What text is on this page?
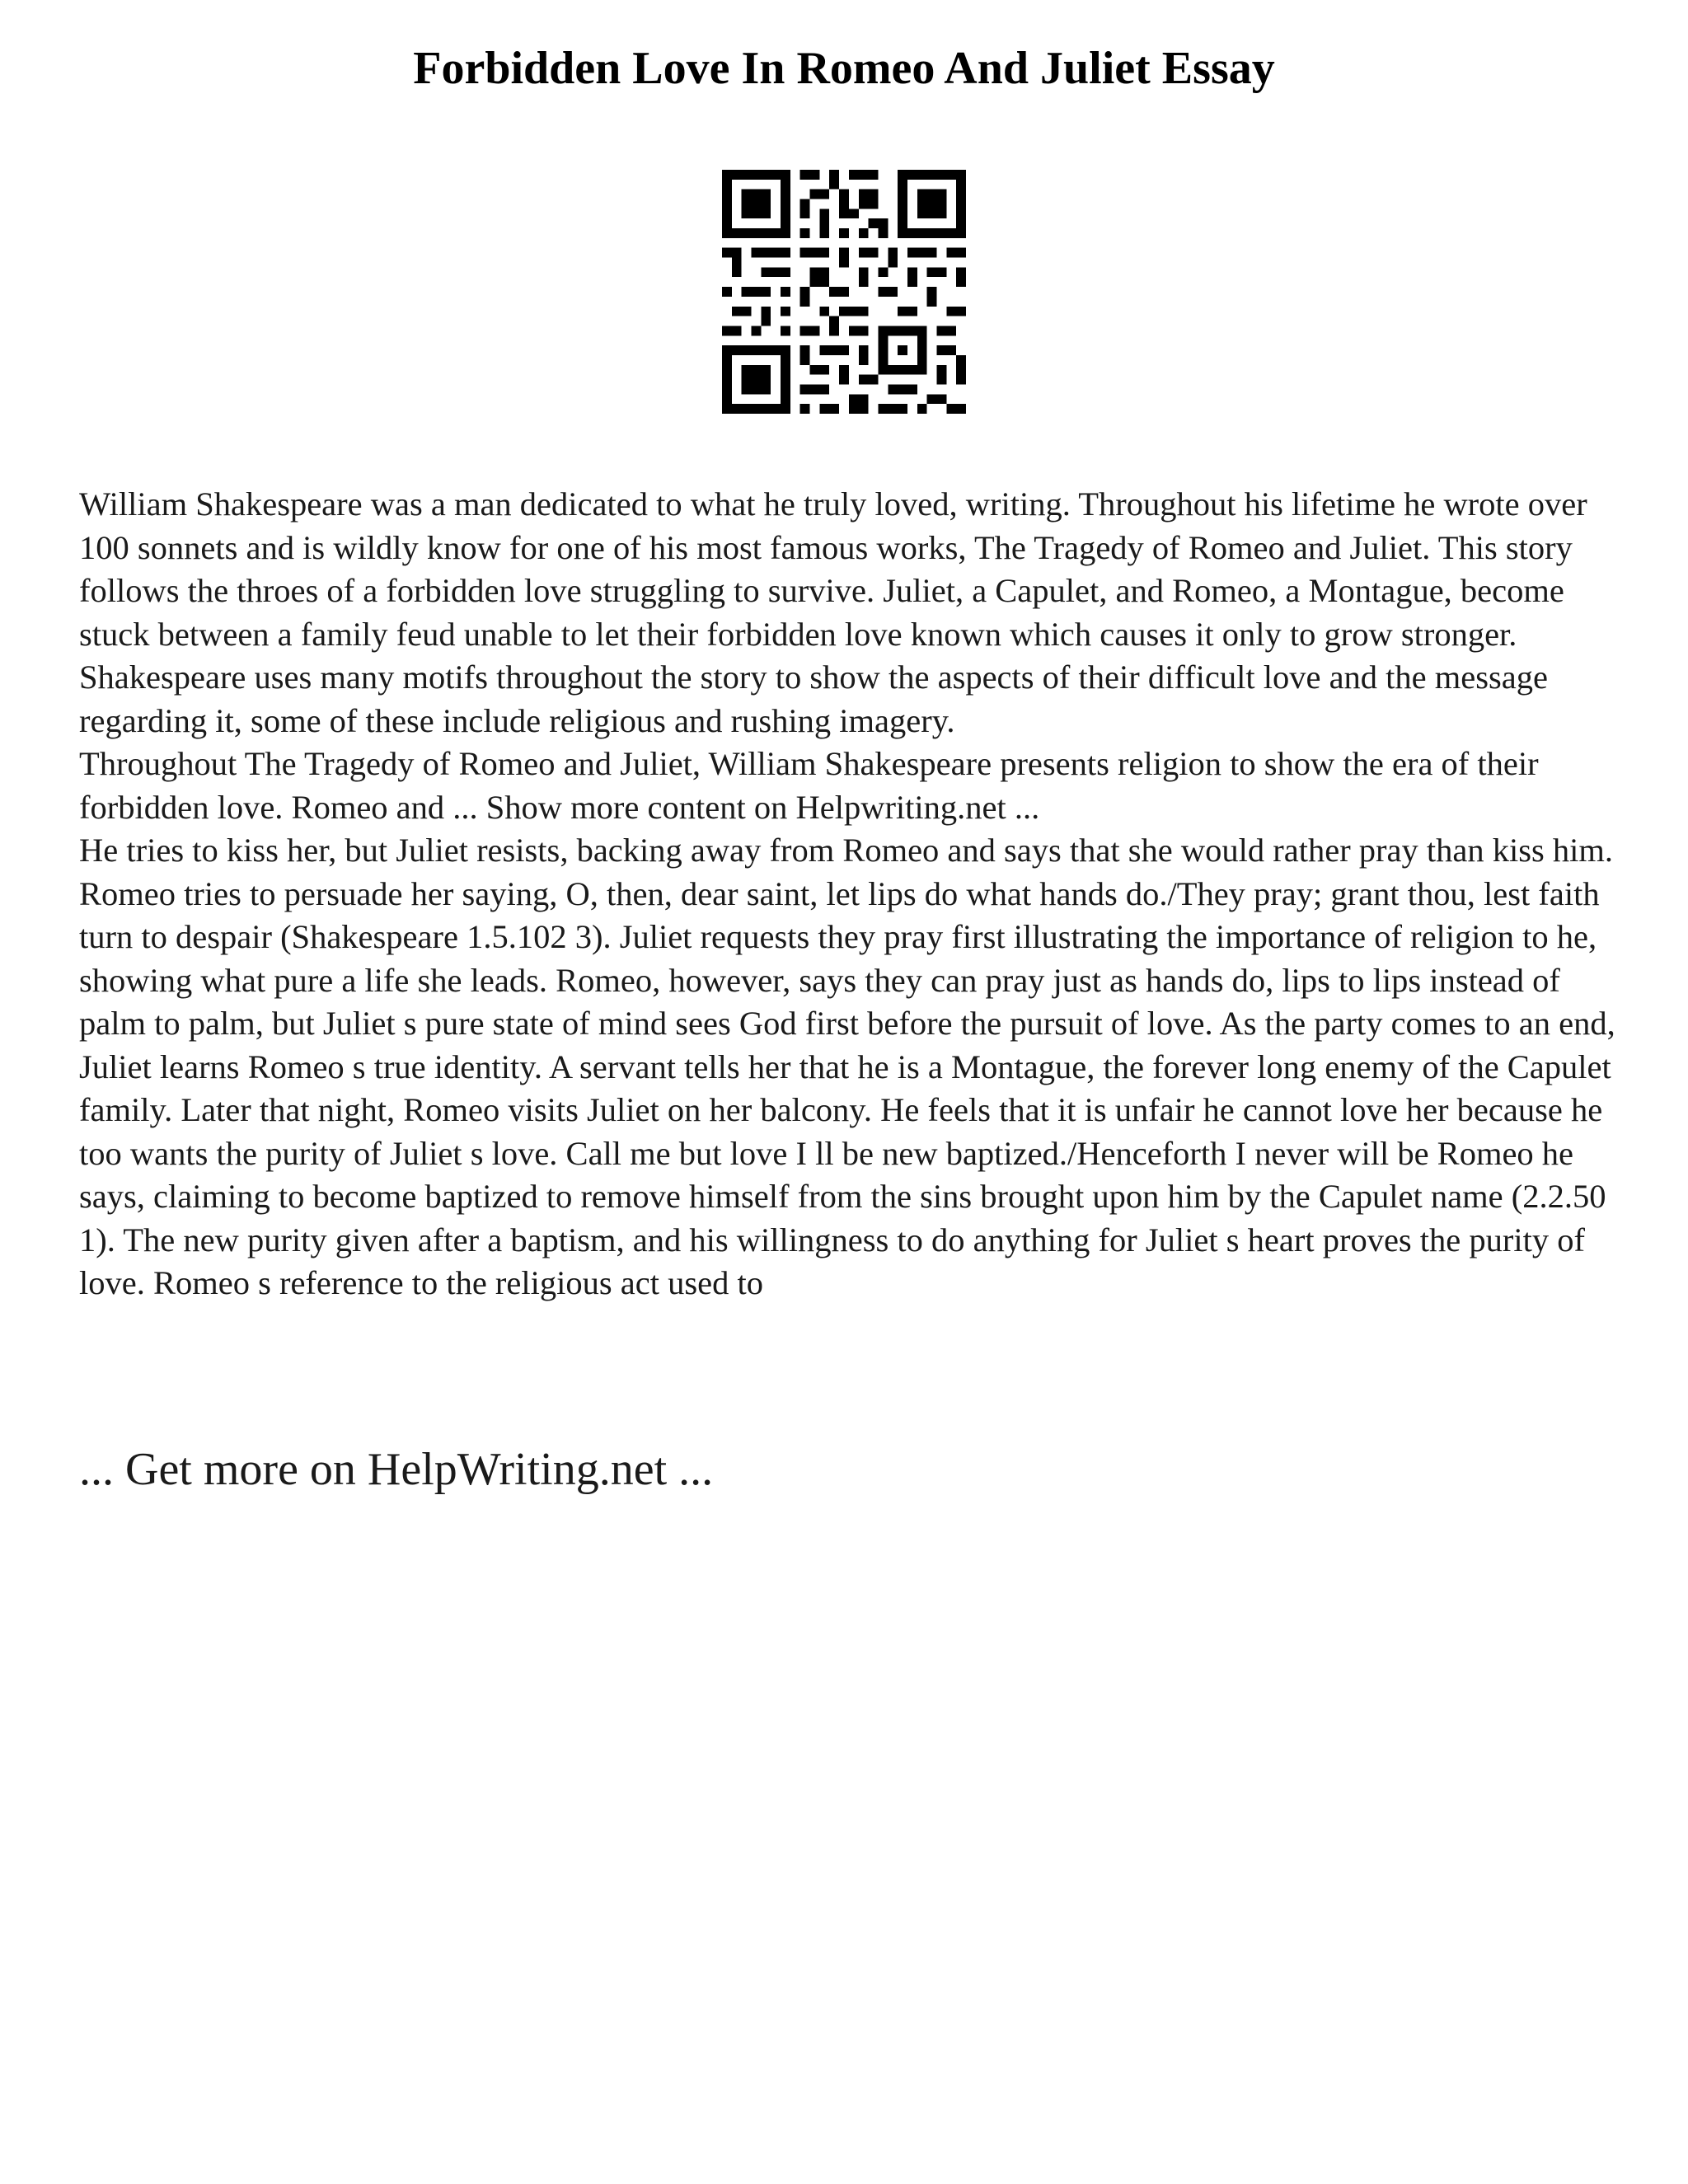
Forbidden Love In Romeo And Juliet Essay

William Shakespeare was a man dedicated to what he truly loved, writing. Throughout his lifetime he wrote over 100 sonnets and is wildly know for one of his most famous works, The Tragedy of Romeo and Juliet. This story follows the throes of a forbidden love struggling to survive. Juliet, a Capulet, and Romeo, a Montague, become stuck between a family feud unable to let their forbidden love known which causes it only to grow stronger. Shakespeare uses many motifs throughout the story to show the aspects of their difficult love and the message regarding it, some of these include religious and rushing imagery.

Throughout The Tragedy of Romeo and Juliet, William Shakespeare presents religion to show the era of their forbidden love. Romeo and ... Show more content on Helpwriting.net ...

He tries to kiss her, but Juliet resists, backing away from Romeo and says that she would rather pray than kiss him. Romeo tries to persuade her saying, O, then, dear saint, let lips do what hands do./They pray; grant thou, lest faith turn to despair (Shakespeare 1.5.102 3). Juliet requests they pray first illustrating the importance of religion to he, showing what pure a life she leads. Romeo, however, says they can pray just as hands do, lips to lips instead of palm to palm, but Juliet s pure state of mind sees God first before the pursuit of love. As the party comes to an end, Juliet learns Romeo s true identity. A servant tells her that he is a Montague, the forever long enemy of the Capulet family. Later that night, Romeo visits Juliet on her balcony. He feels that it is unfair he cannot love her because he too wants the purity of Juliet s love. Call me but love I ll be new baptized./Henceforth I never will be Romeo he says, claiming to become baptized to remove himself from the sins brought upon him by the Capulet name (2.2.50 1). The new purity given after a baptism, and his willingness to do anything for Juliet s heart proves the purity of love. Romeo s reference to the religious act used to

... Get more on HelpWriting.net ...
